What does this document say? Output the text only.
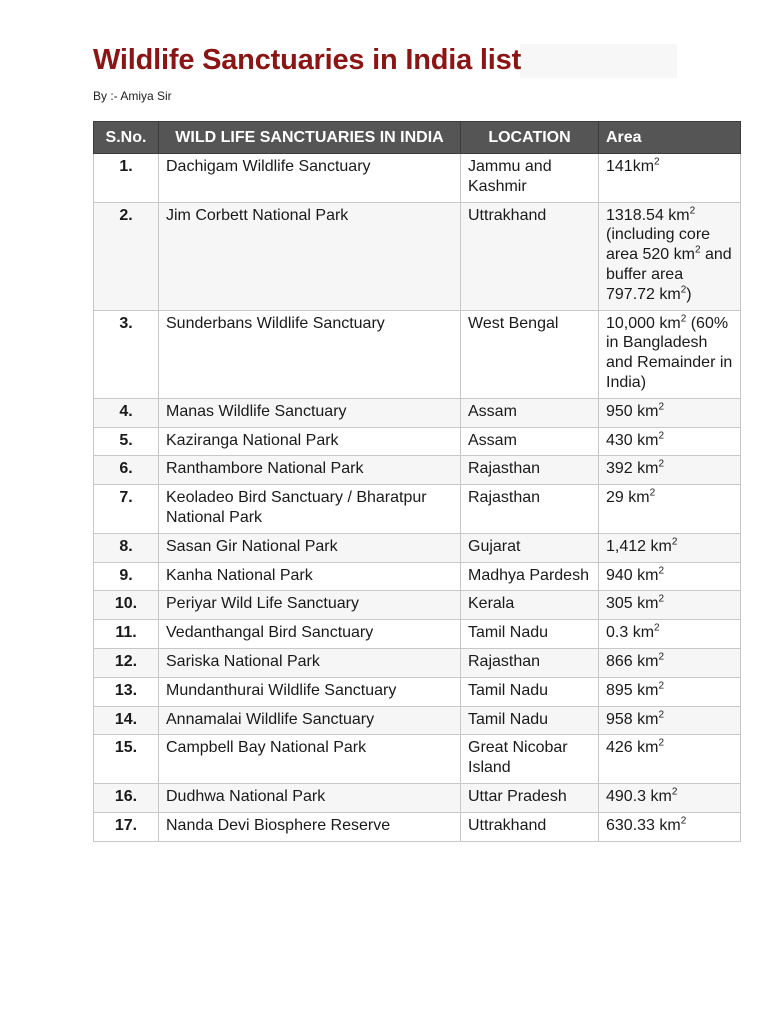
Wildlife Sanctuaries in India list
By :- Amiya Sir
S.No.	WILD LIFE SANCTUARIES IN INDIA	LOCATION	Area
1.	Dachigam Wildlife Sanctuary	Jammu and Kashmir	$141km^2$
2.	Jim Corbett National Park	Uttrakhand	1318.54 $km^2$ (including core area 520 $km^2$ and buffer area 797.72 $km^2$)
3.	Sunderbans Wildlife Sanctuary	West Bengal	10,000 $km^2$ (60% in Bangladesh and Remainder in India)
4.	Manas Wildlife Sanctuary	Assam	950 $km^2$
5.	Kaziranga National Park	Assam	430 $km^2$
6.	Ranthambore National Park	Rajasthan	392 $km^2$
7.	Keoladeo Bird Sanctuary / Bharatpur National Park	Rajasthan	29 $km^2$
8.	Sasan Gir National Park	Gujarat	1,412 $km^2$
9.	Kanha National Park	Madhya Pardesh	940 $km^2$
10.	Periyar Wild Life Sanctuary	Kerala	305 $km^2$
11.	Vedanthangal Bird Sanctuary	Tamil Nadu	0.3 $km^2$
12.	Sariska National Park	Rajasthan	866 $km^2$
13.	Mundanthurai Wildlife Sanctuary	Tamil Nadu	895 $km^2$
14.	Annamalai Wildlife Sanctuary	Tamil Nadu	958 $km^2$
15.	Campbell Bay National Park	Great Nicobar Island	426 $km^2$
16.	Dudhwa National Park	Uttar Pradesh	490.3 $km^2$
17.	Nanda Devi Biosphere Reserve	Uttrakhand	630.33 $km^2$
